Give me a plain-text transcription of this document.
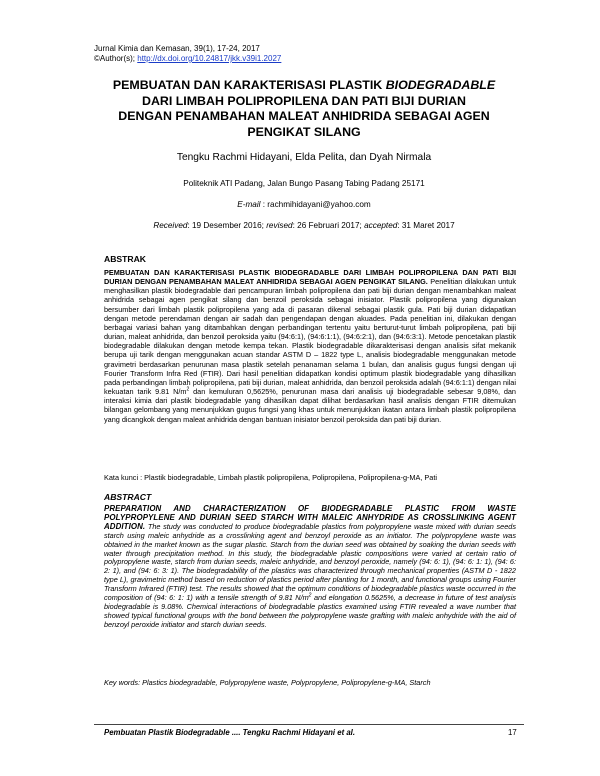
Jurnal Kimia dan Kemasan, 39(1), 17-24, 2017
©Author(s); http://dx.doi.org/10.24817/jkk.v39i1.2027
PEMBUATAN DAN KARAKTERISASI PLASTIK BIODEGRADABLE
DARI LIMBAH POLIPROPILENA DAN PATI BIJI DURIAN
DENGAN PENAMBAHAN MALEAT ANHIDRIDA SEBAGAI AGEN
PENGIKAT SILANG
Tengku Rachmi Hidayani, Elda Pelita, dan Dyah Nirmala
Politeknik ATI Padang, Jalan Bungo Pasang Tabing Padang 25171
E-mail : rachmihidayani@yahoo.com
Received: 19 Desember 2016; revised: 26 Februari 2017; accepted: 31 Maret 2017
ABSTRAK
PEMBUATAN DAN KARAKTERISASI PLASTIK BIODEGRADABLE DARI LIMBAH POLIPROPILENA DAN PATI BIJI DURIAN DENGAN PENAMBAHAN MALEAT ANHIDRIDA SEBAGAI AGEN PENGIKAT SILANG. Penelitian dilakukan untuk menghasilkan plastik biodegradable dari pencampuran limbah polipropilena dan pati biji durian dengan menambahkan maleat anhidrida sebagai agen pengikat silang dan benzoil peroksida sebagai inisiator. Plastik polipropilena yang digunakan bersumber dari limbah plastik polipropilena yang ada di pasaran dikenal sebagai plastik gula. Pati biji durian didapatkan dengan metode perendaman dengan air sadah dan pengendapan dengan akuades. Pada penelitian ini, dilakukan dengan berbagai variasi bahan yang ditambahkan dengan perbandingan tertentu yaitu berturut-turut limbah polipropilena, pati biji durian, maleat anhidrida, dan benzoil peroksida yaitu (94:6:1), (94:6:1:1), (94:6:2:1), dan (94:6:3:1). Metode pencetakan plastik biodegradable dilakukan dengan metode kempa tekan. Plastik biodegradable dikarakterisasi dengan analisis sifat mekanik berupa uji tarik dengan menggunakan acuan standar ASTM D – 1822 type L, analisis biodegradable menggunakan metode gravimetri berdasarkan penurunan masa plastik setelah penanaman selama 1 bulan, dan analisis gugus fungsi dengan uji Fourier Transform Infra Red (FTIR). Dari hasil penelitian didapatkan kondisi optimum plastik biodegradable yang dihasilkan pada perbandingan limbah polipropilena, pati biji durian, maleat anhidrida, dan benzoil peroksida adalah (94:6:1:1) dengan nilai kekuatan tarik 9.81 $N/m^2$ dan kemuluran 0,5625%, penurunan masa dari analisis uji biodegradable sebesar 9,08%, dan interaksi kimia dari plastik biodegradable yang dihasilkan dapat dilihat berdasarkan hasil analisis dengan FTIR ditemukan bilangan gelombang yang menunjukkan gugus fungsi yang khas untuk menunjukkan ikatan antara limbah plastik polipropilena yang dicangkok dengan maleat anhidrida dengan bantuan inisiator benzoil peroksida dan pati biji durian.
Kata kunci : Plastik biodegradable, Limbah plastik polipropilena, Polipropilena, Polipropilena-g-MA, Pati
ABSTRACT
PREPARATION AND CHARACTERIZATION OF BIODEGRADABLE PLASTIC FROM WASTE POLYPROPYLENE AND DURIAN SEED STARCH WITH MALEIC ANHYDRIDE AS CROSSLINKING AGENT ADDITION. The study was conducted to produce biodegradable plastics from polypropylene waste mixed with durian seeds starch using maleic anhydride as a crosslinking agent and benzoyl peroxide as an initiator. The polypropylene waste was obtained in the market known as the sugar plastic. Starch from the durian seed was obtained by soaking the durian seeds with water through precipitation method. In this study, the biodegradable plastic compositions were varied at certain ratio of polypropylene waste, starch from durian seeds, maleic anhydride, and benzoyl peroxide, namely (94: 6: 1), (94: 6: 1: 1), (94: 6: 2: 1), and (94: 6: 3: 1). The biodegradability of the plastics was characterized through mechanical properties (ASTM D - 1822 type L), gravimetric method based on reduction of plastics period after planting for 1 month, and functional groups using Fourier Transform Infrared (FTIR) test. The results showed that the optimum conditions of biodegradable plastics waste occurred in the composition of (94: 6: 1: 1) with a tensile strength of 9.81 $N/m^2$ and elongation 0.5625%, a decrease in future of test analysis biodegradable is 9.08%. Chemical interactions of biodegradable plastics examined using FTIR revealed a wave number that showed typical functional groups with the bond between the polypropylene waste grafting with maleic anhydride with the aid of benzoyl peroxide initiator and starch durian seeds.
Key words: Plastics biodegradable, Polypropylene waste, Polypropylene, Polipropylene-g-MA, Starch
Pembuatan Plastik Biodegradable .... Tengku Rachmi Hidayani et al.	17
